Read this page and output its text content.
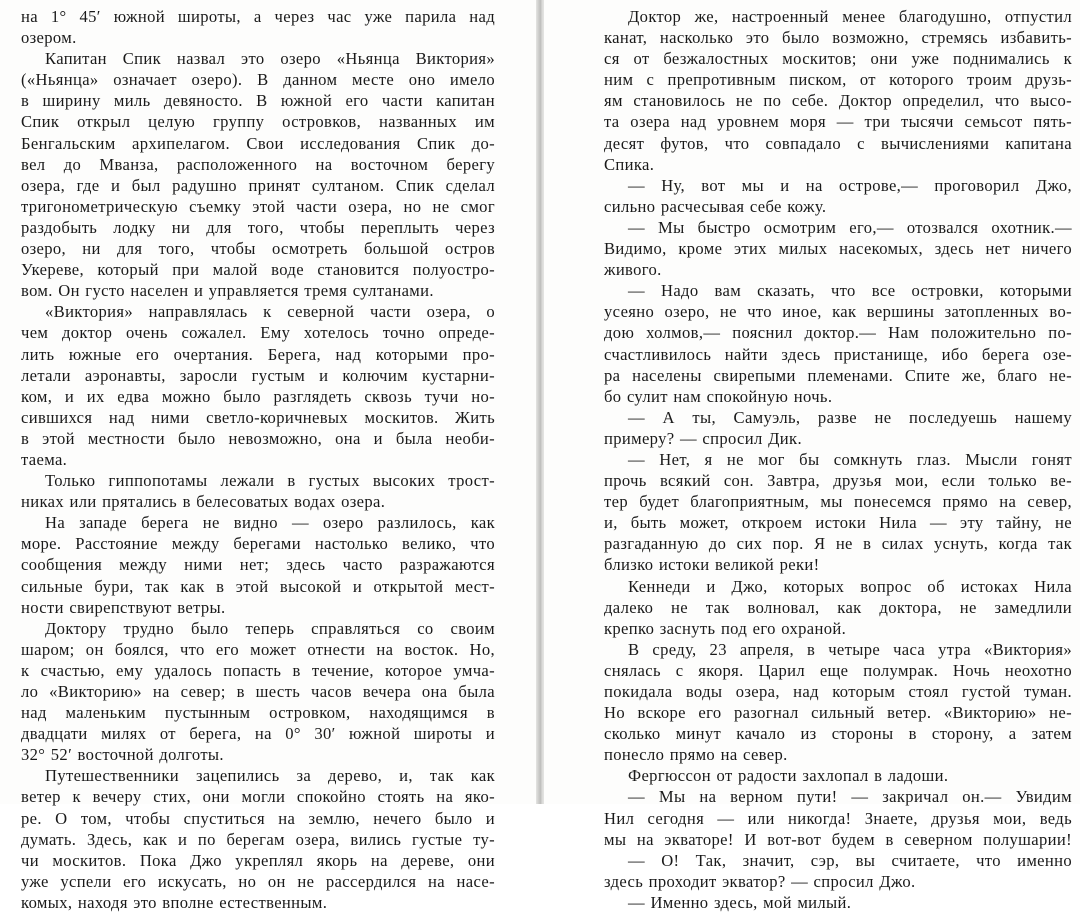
на 1° 45′ южной широты, а через час уже парила над
озером.
Капитан Спик назвал это озеро «Ньянца Виктория»
(«Ньянца» означает озеро). В данном месте оно имело
в ширину миль девяносто. В южной его части капитан
Спик открыл целую группу островков, названных им
Бенгальским архипелагом. Свои исследования Спик до-
вел до Мванза, расположенного на восточном берегу
озера, где и был радушно принят султаном. Спик сделал
тригонометрическую съемку этой части озера, но не смог
раздобыть лодку ни для того, чтобы переплыть через
озеро, ни для того, чтобы осмотреть большой остров
Укереве, который при малой воде становится полуостро-
вом. Он густо населен и управляется тремя султанами.
«Виктория» направлялась к северной части озера, о
чем доктор очень сожалел. Ему хотелось точно опреде-
лить южные его очертания. Берега, над которыми про-
летали аэронавты, заросли густым и колючим кустарни-
ком, и их едва можно было разглядеть сквозь тучи но-
сившихся над ними светло-коричневых москитов. Жить
в этой местности было невозможно, она и была необи-
таема.
Только гиппопотамы лежали в густых высоких трост-
никах или прятались в белесоватых водах озера.
На западе берега не видно — озеро разлилось, как
море. Расстояние между берегами настолько велико, что
сообщения между ними нет; здесь часто разражаются
сильные бури, так как в этой высокой и открытой мест-
ности свирепствуют ветры.
Доктору трудно было теперь справляться со своим
шаром; он боялся, что его может отнести на восток. Но,
к счастью, ему удалось попасть в течение, которое умча-
ло «Викторию» на север; в шесть часов вечера она была
над маленьким пустынным островком, находящимся в
двадцати милях от берега, на 0° 30′ южной широты и
32° 52′ восточной долготы.
Путешественники зацепились за дерево, и, так как
ветер к вечеру стих, они могли спокойно стоять на яко-
ре. О том, чтобы спуститься на землю, нечего было и
думать. Здесь, как и по берегам озера, вились густые ту-
чи москитов. Пока Джо укреплял якорь на дереве, они
уже успели его искусать, но он не рассердился на насе-
комых, находя это вполне естественным.
Доктор же, настроенный менее благодушно, отпустил
канат, насколько это было возможно, стремясь избавить-
ся от безжалостных москитов; они уже поднимались к
ним с препротивным писком, от которого троим друзь-
ям становилось не по себе. Доктор определил, что высо-
та озера над уровнем моря — три тысячи семьсот пять-
десят футов, что совпадало с вычислениями капитана
Спика.
— Ну, вот мы и на острове,— проговорил Джо,
сильно расчесывая себе кожу.
— Мы быстро осмотрим его,— отозвался охотник.—
Видимо, кроме этих милых насекомых, здесь нет ничего
живого.
— Надо вам сказать, что все островки, которыми
усеяно озеро, не что иное, как вершины затопленных во-
дою холмов,— пояснил доктор.— Нам положительно по-
счастливилось найти здесь пристанище, ибо берега озе-
ра населены свирепыми племенами. Спите же, благо не-
бо сулит нам спокойную ночь.
— А ты, Самуэль, разве не последуешь нашему
примеру? — спросил Дик.
— Нет, я не мог бы сомкнуть глаз. Мысли гонят
прочь всякий сон. Завтра, друзья мои, если только ве-
тер будет благоприятным, мы понесемся прямо на север,
и, быть может, откроем истоки Нила — эту тайну, не
разгаданную до сих пор. Я не в силах уснуть, когда так
близко истоки великой реки!
Кеннеди и Джо, которых вопрос об истоках Нила
далеко не так волновал, как доктора, не замедлили
крепко заснуть под его охраной.
В среду, 23 апреля, в четыре часа утра «Виктория»
снялась с якоря. Царил еще полумрак. Ночь неохотно
покидала воды озера, над которым стоял густой туман.
Но вскоре его разогнал сильный ветер. «Викторию» не-
сколько минут качало из стороны в сторону, а затем
понесло прямо на север.
Фергюссон от радости захлопал в ладоши.
— Мы на верном пути! — закричал он.— Увидим
Нил сегодня — или никогда! Знаете, друзья мои, ведь
мы на экваторе! И вот-вот будем в северном полушарии!
— О! Так, значит, сэр, вы считаете, что именно
здесь проходит экватор? — спросил Джо.
— Именно здесь, мой милый.
